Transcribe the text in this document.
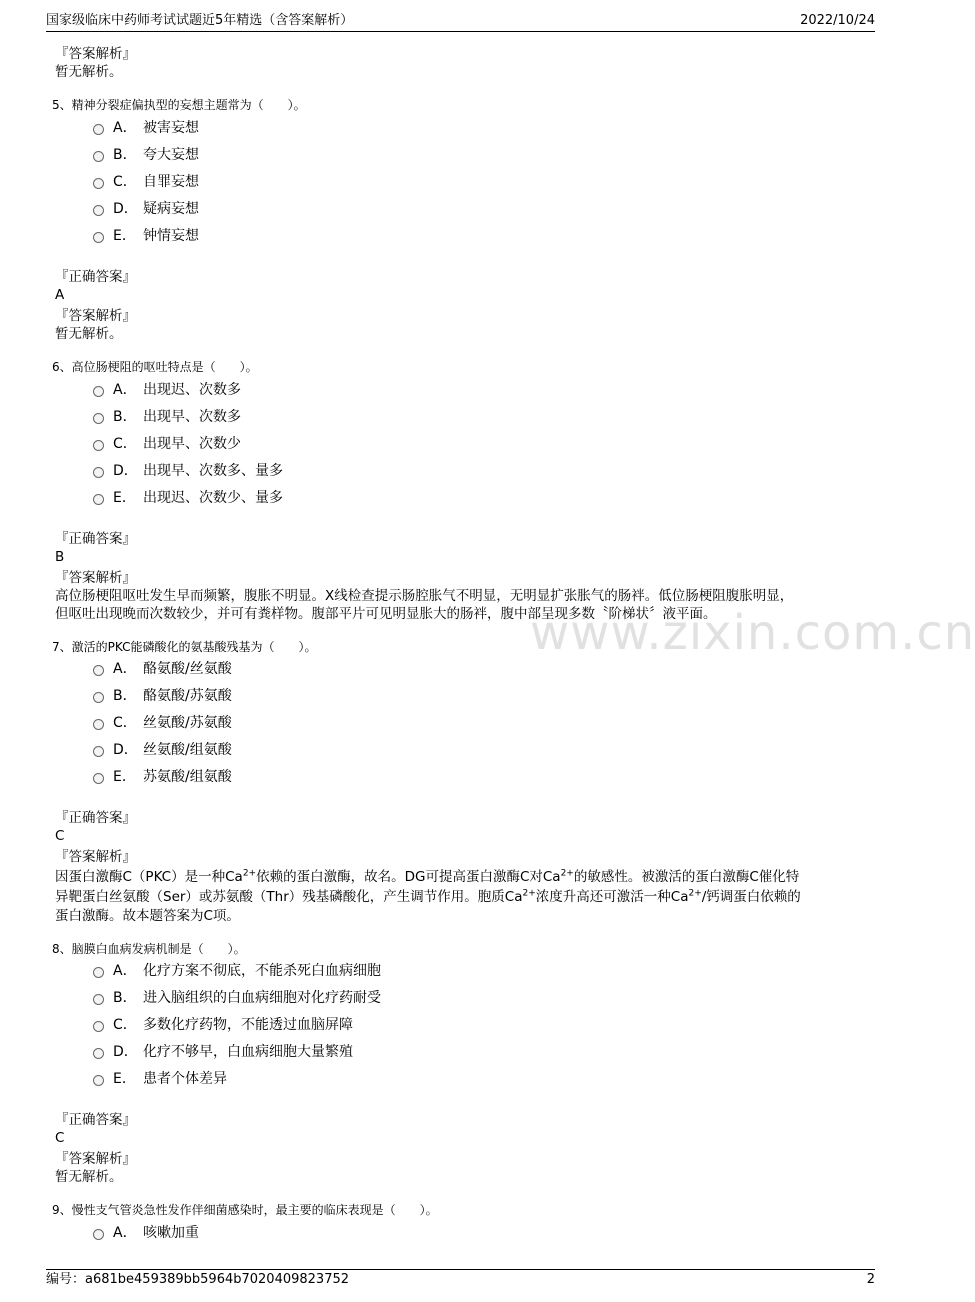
国家级临床中药师考试试题近5年精选（含答案解析）	2022/10/24
www.zixin.com.cn
『答案解析』
暂无解析。
5、精神分裂症偏执型的妄想主题常为（　　）。
A． 被害妄想
B． 夸大妄想
C． 自罪妄想
D． 疑病妄想
E． 钟情妄想
『正确答案』
A
『答案解析』
暂无解析。
6、高位肠梗阻的呕吐特点是（　　）。
A． 出现迟、次数多
B． 出现早、次数多
C． 出现早、次数少
D． 出现早、次数多、量多
E． 出现迟、次数少、量多
『正确答案』
B
『答案解析』
高位肠梗阻呕吐发生早而频繁，腹胀不明显。X线检查提示肠腔胀气不明显，无明显扩张胀气的肠袢。低位肠梗阻腹胀明显，
但呕吐出现晚而次数较少，并可有粪样物。腹部平片可见明显胀大的肠袢，腹中部呈现多数〝阶梯状〞液平面。
7、激活的PKC能磷酸化的氨基酸残基为（　　）。
A． 酪氨酸/丝氨酸
B． 酪氨酸/苏氨酸
C． 丝氨酸/苏氨酸
D． 丝氨酸/组氨酸
E． 苏氨酸/组氨酸
『正确答案』
C
『答案解析』
因蛋白激酶C（PKC）是一种$Ca^{2+}$依赖的蛋白激酶，故名。DG可提高蛋白激酶C对$Ca^{2+}$的敏感性。被激活的蛋白激酶C催化特
异靶蛋白丝氨酸（Ser）或苏氨酸（Thr）残基磷酸化，产生调节作用。胞质$Ca^{2+}$浓度升高还可激活一种$Ca^{2+}/$钙调蛋白依赖的
蛋白激酶。故本题答案为C项。
8、脑膜白血病发病机制是（　　）。
A． 化疗方案不彻底，不能杀死白血病细胞
B． 进入脑组织的白血病细胞对化疗药耐受
C． 多数化疗药物，不能透过血脑屏障
D． 化疗不够早，白血病细胞大量繁殖
E． 患者个体差异
『正确答案』
C
『答案解析』
暂无解析。
9、慢性支气管炎急性发作伴细菌感染时，最主要的临床表现是（　　）。
A． 咳嗽加重
编号：a681be459389bb5964b7020409823752	2
